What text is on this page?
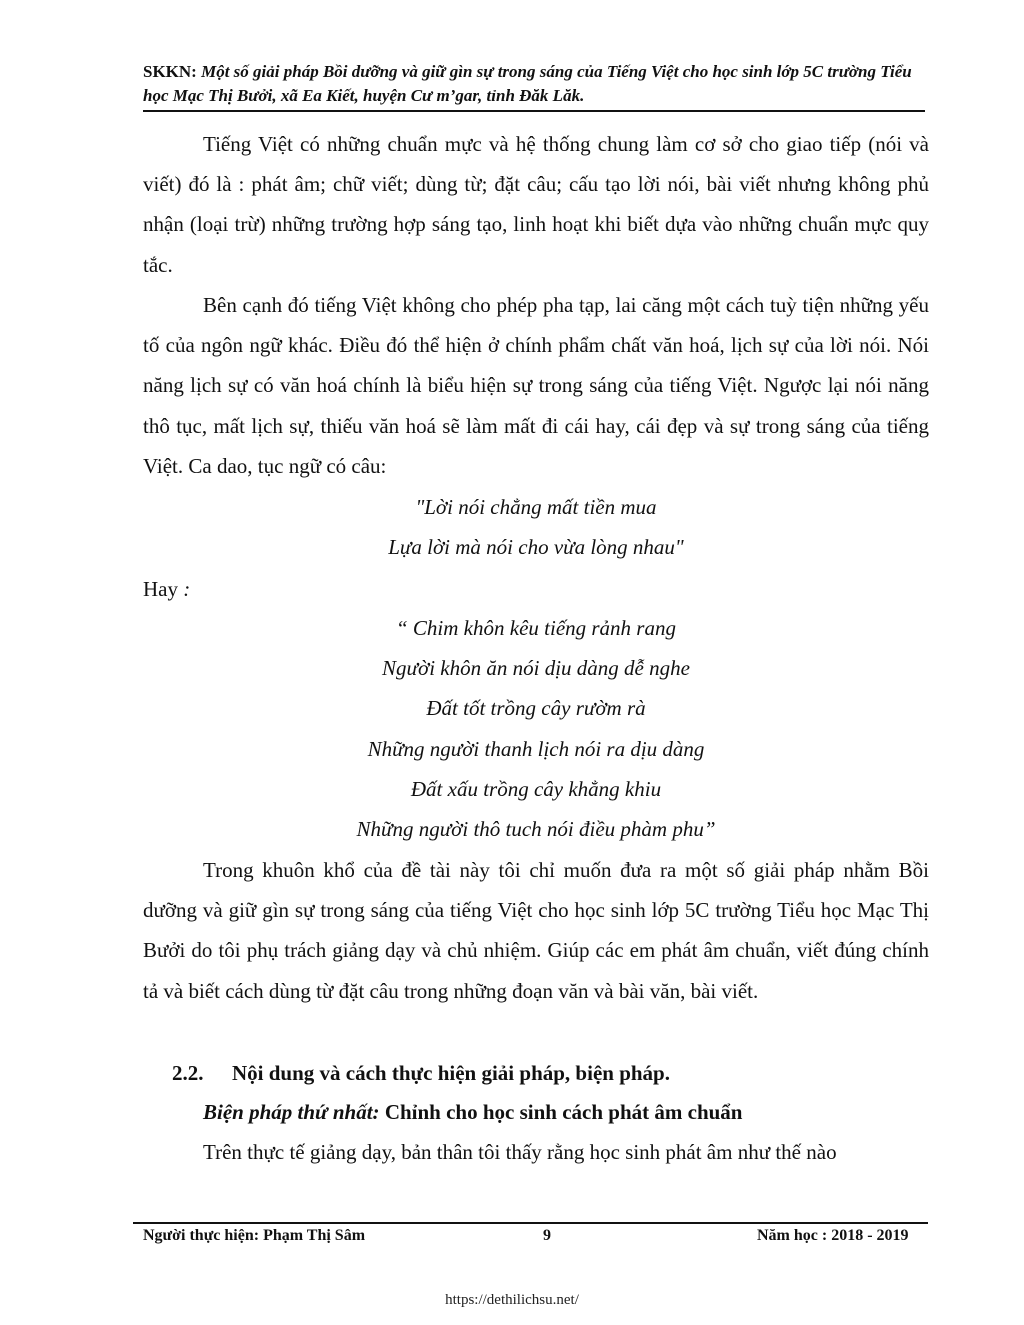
SKKN: Một số giải pháp Bồi dưỡng và giữ gìn sự trong sáng của Tiếng Việt cho học sinh lớp 5C trường Tiểu học Mạc Thị Bưởi, xã Ea Kiết, huyện Cư m’gar, tỉnh Đăk Lăk.

Tiếng Việt có những chuẩn mực và hệ thống chung làm cơ sở cho giao tiếp (nói và viết) đó là : phát âm; chữ viết; dùng từ; đặt câu; cấu tạo lời nói, bài viết nhưng không phủ nhận (loại trừ) những trường hợp sáng tạo, linh hoạt khi biết dựa vào những chuẩn mực quy tắc.

Bên cạnh đó tiếng Việt không cho phép pha tạp, lai căng một cách tuỳ tiện những yếu tố của ngôn ngữ khác. Điều đó thể hiện ở chính phẩm chất văn hoá, lịch sự của lời nói. Nói năng lịch sự có văn hoá chính là biểu hiện sự trong sáng của tiếng Việt. Ngược lại nói năng thô tục, mất lịch sự, thiếu văn hoá sẽ làm mất đi cái hay, cái đẹp và sự trong sáng của tiếng Việt. Ca dao, tục ngữ có câu:

"Lời nói chẳng mất tiền mua
Lựa lời mà nói cho vừa lòng nhau"
Hay :
“ Chim khôn kêu tiếng rảnh rang
Người khôn ăn nói dịu dàng dễ nghe
Đất tốt trồng cây rườm rà
Những người thanh lịch nói ra dịu dàng
Đất xấu trồng cây khẳng khiu
Những người thô tuch nói điều phàm phu”

Trong khuôn khổ của đề tài này tôi chỉ muốn đưa ra một số giải pháp nhằm Bồi dưỡng và giữ gìn sự trong sáng của tiếng Việt cho học sinh lớp 5C trường Tiểu học Mạc Thị Bưởi do tôi phụ trách giảng dạy và chủ nhiệm. Giúp các em phát âm chuẩn, viết đúng chính tả và biết cách dùng từ đặt câu trong những đoạn văn và bài văn, bài viết.

2.2. Nội dung và cách thực hiện giải pháp, biện pháp.
Biện pháp thứ nhất: Chỉnh cho học sinh cách phát âm chuẩn
Trên thực tế giảng dạy, bản thân tôi thấy rằng học sinh phát âm như thế nào
Người thực hiện: Phạm Thị Sâm	9	Năm học : 2018 - 2019
https://dethilichsu.net/
